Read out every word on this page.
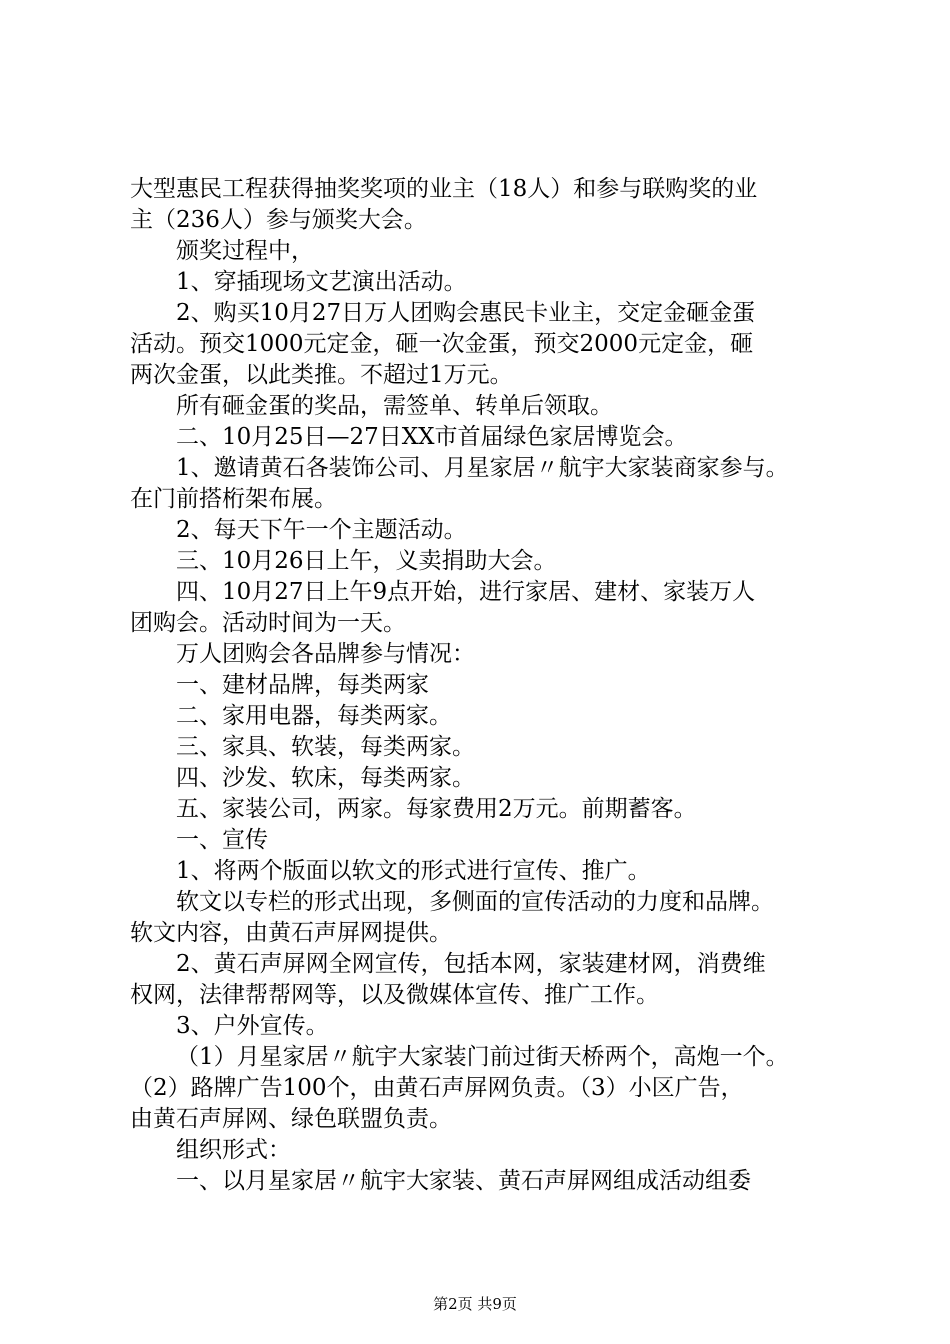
大型惠民工程获得抽奖奖项的业主（18人）和参与联购奖的业
主（236人）参与颁奖大会。
颁奖过程中，
1、穿插现场文艺演出活动。
2、购买10月27日万人团购会惠民卡业主，交定金砸金蛋
活动。预交1000元定金，砸一次金蛋，预交2000元定金，砸
两次金蛋，以此类推。不超过1万元。
所有砸金蛋的奖品，需签单、转单后领取。
二、10月25日—27日XX市首届绿色家居博览会。
1、邀请黄石各装饰公司、月星家居〃航宇大家装商家参与。
在门前搭桁架布展。
2、每天下午一个主题活动。
三、10月26日上午，义卖捐助大会。
四、10月27日上午9点开始，进行家居、建材、家装万人
团购会。活动时间为一天。
万人团购会各品牌参与情况：
一、建材品牌，每类两家
二、家用电器，每类两家。
三、家具、软装，每类两家。
四、沙发、软床，每类两家。
五、家装公司，两家。每家费用2万元。前期蓄客。
一、宣传
1、将两个版面以软文的形式进行宣传、推广。
软文以专栏的形式出现，多侧面的宣传活动的力度和品牌。
软文内容，由黄石声屏网提供。
2、黄石声屏网全网宣传，包括本网，家装建材网，消费维
权网，法律帮帮网等，以及微媒体宣传、推广工作。
3、户外宣传。
（1）月星家居〃航宇大家装门前过街天桥两个，高炮一个。
（2）路牌广告100个，由黄石声屏网负责。（3）小区广告，
由黄石声屏网、绿色联盟负责。
组织形式：
一、以月星家居〃航宇大家装、黄石声屏网组成活动组委
第2页 共9页
